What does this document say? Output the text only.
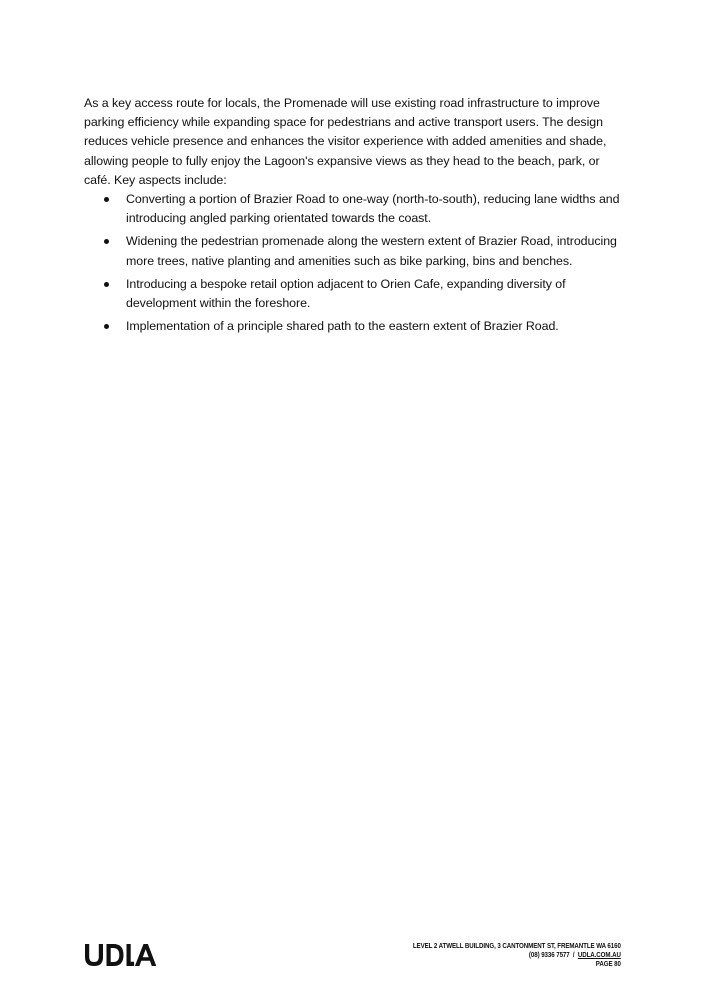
As a key access route for locals, the Promenade will use existing road infrastructure to improve parking efficiency while expanding space for pedestrians and active transport users. The design reduces vehicle presence and enhances the visitor experience with added amenities and shade, allowing people to fully enjoy the Lagoon's expansive views as they head to the beach, park, or café. Key aspects include:

Converting a portion of Brazier Road to one-way (north-to-south), reducing lane widths and introducing angled parking orientated towards the coast.
Widening the pedestrian promenade along the western extent of Brazier Road, introducing more trees, native planting and amenities such as bike parking, bins and benches.
Introducing a bespoke retail option adjacent to Orien Cafe, expanding diversity of development within the foreshore.
Implementation of a principle shared path to the eastern extent of Brazier Road.
LEVEL 2 ATWELL BUILDING, 3 CANTONMENT ST, FREMANTLE WA 6160
(08) 9336 7577 / UDLA.COM.AU
PAGE 80
